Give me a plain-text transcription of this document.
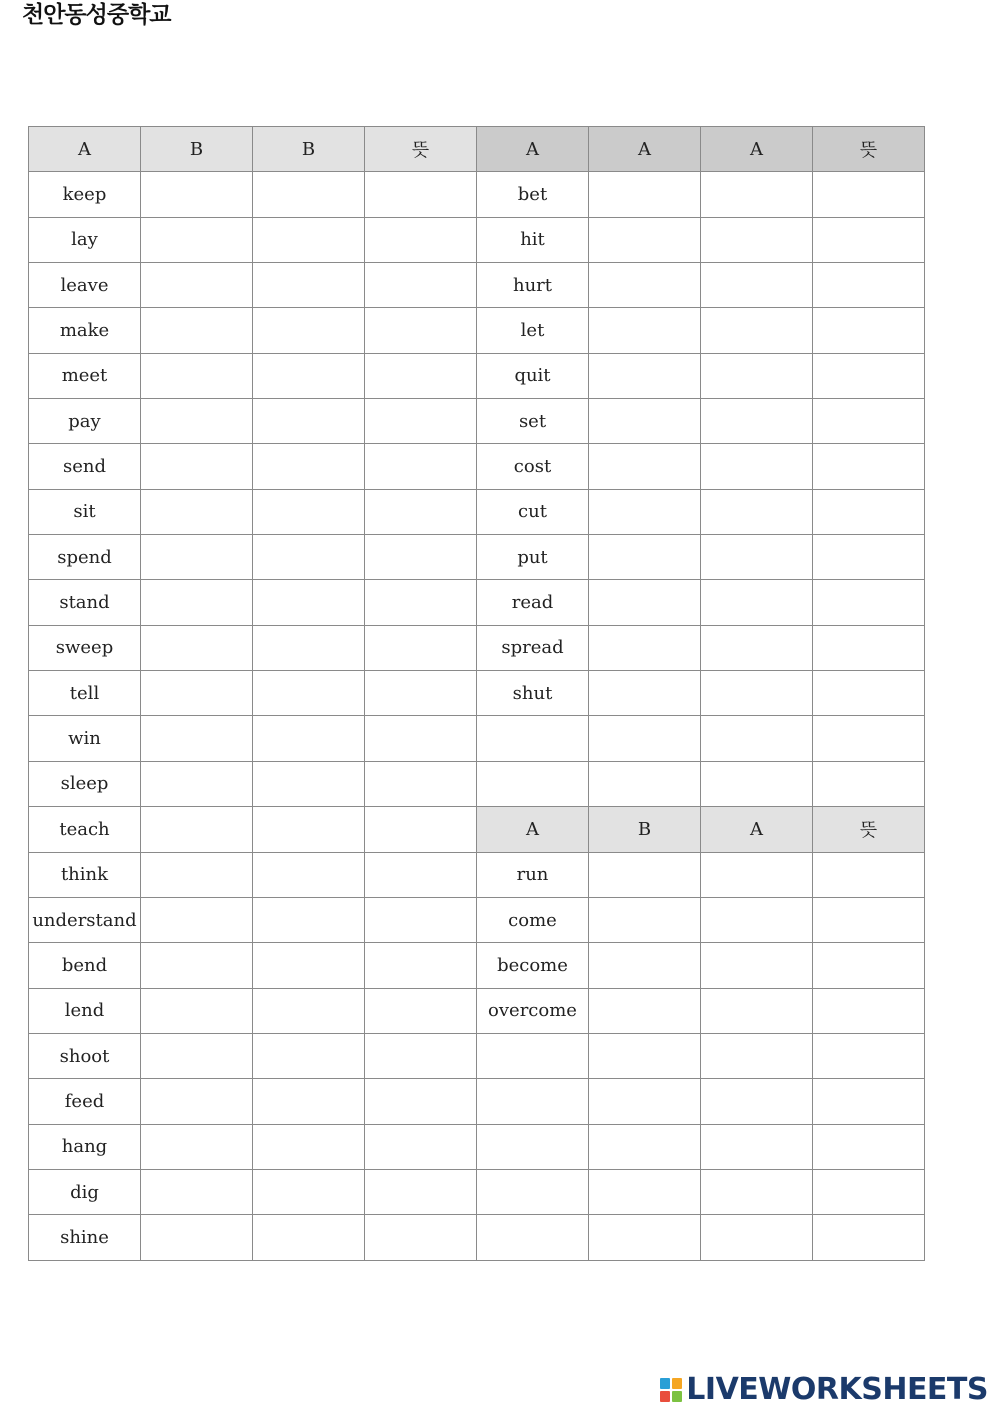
천안동성중학교
A	B	B	뜻	A	A	A	뜻
keep				bet			
lay				hit			
leave				hurt			
make				let			
meet				quit			
pay				set			
send				cost			
sit				cut			
spend				put			
stand				read			
sweep				spread			
tell				shut			
win							
sleep							
teach				A	B	A	뜻
think				run			
understand				come			
bend				become			
lend				overcome			
shoot							
feed							
hang							
dig							
shine							
LIVEWORKSHEETS
